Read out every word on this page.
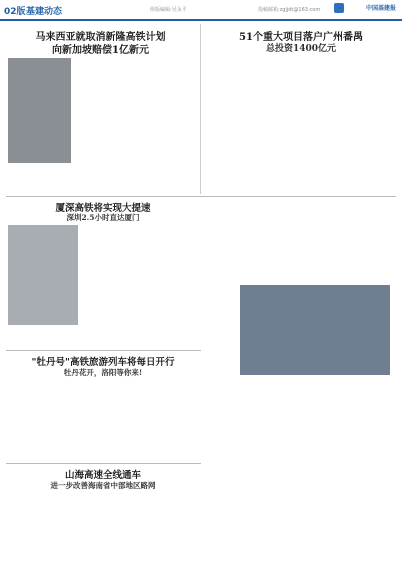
02版 基建动态	组版编辑:吴永平	投稿邮箱:zgjjdt@163.com	中国基建报
马来西亚就取消新隆高铁计划
向新加坡赔偿1亿新元
51个重大项目落户广州番禺
总投资1400亿元
厦深高铁将实现大提速
深圳2.5小时直达厦门
"牡丹号"高铁旅游列车将每日开行
牡丹花开，洛阳等你来!
山海高速全线通车
进一步改善海南省中部地区路网
